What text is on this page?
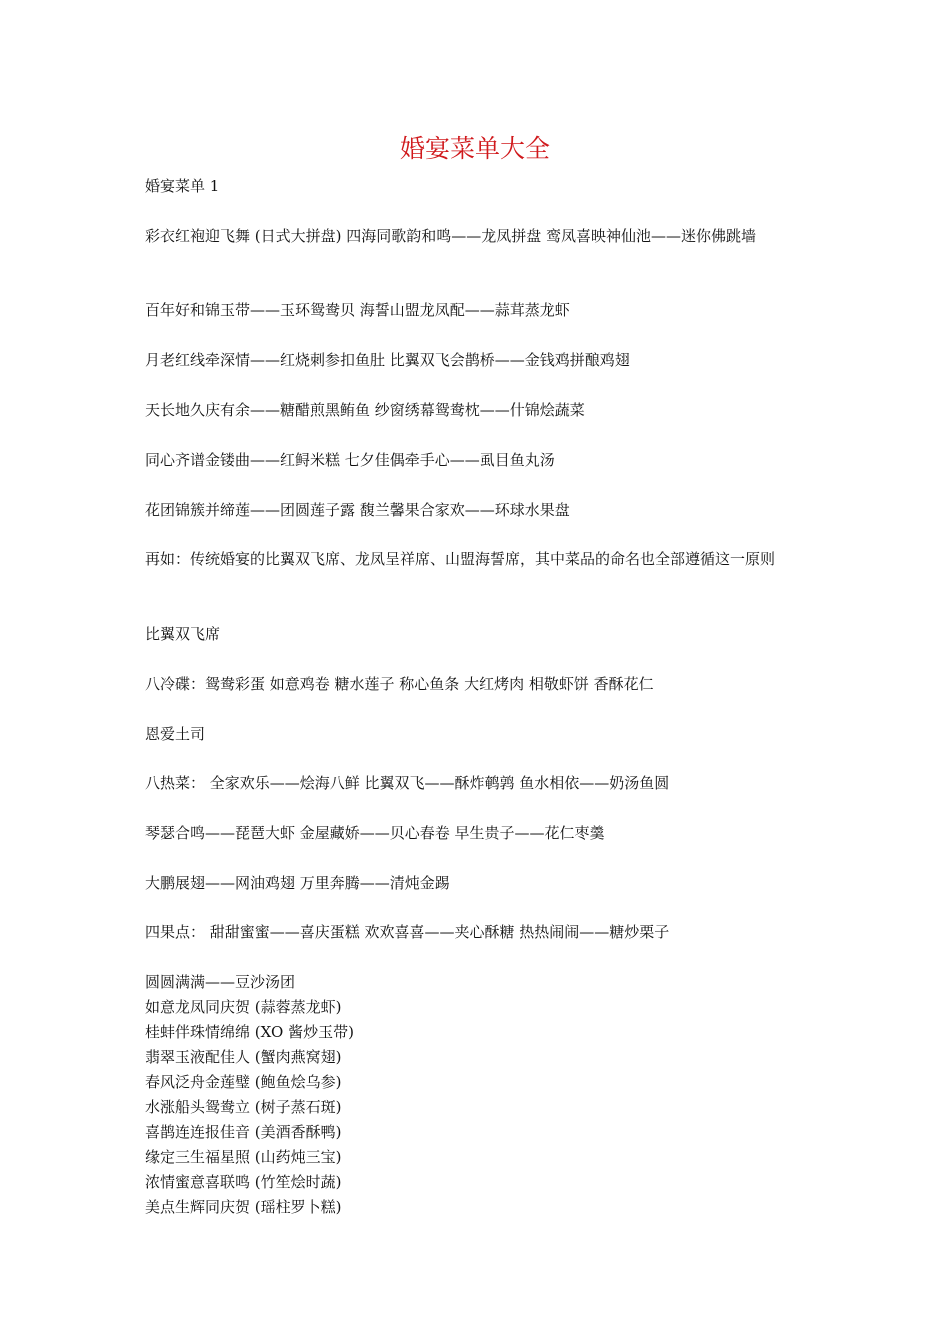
婚宴菜单大全

婚宴菜单 1

彩衣红袍迎飞舞 (日式大拼盘) 四海同歌韵和鸣——龙凤拼盘 鸾凤喜映神仙池——迷你佛跳墙

百年好和锦玉带——玉环鸳鸯贝 海誓山盟龙凤配——蒜茸蒸龙虾

月老红线牵深情——红烧刺参扣鱼肚 比翼双飞会鹊桥——金钱鸡拼酿鸡翅

天长地久庆有余——糖醋煎黑鲔鱼 纱窗绣幕鸳鸯枕——什锦烩蔬菜

同心齐谱金镂曲——红鲟米糕 七夕佳偶牵手心——虱目鱼丸汤

花团锦簇并缔莲——团圆莲子露 馥兰馨果合家欢——环球水果盘

再如：传统婚宴的比翼双飞席、龙凤呈祥席、山盟海誓席，其中菜品的命名也全部遵循这一原则

比翼双飞席

八冷碟：鸳鸯彩蛋 如意鸡卷 糖水莲子 称心鱼条 大红烤肉 相敬虾饼 香酥花仁

恩爱土司

八热菜： 全家欢乐——烩海八鲜 比翼双飞——酥炸鹌鹑 鱼水相依——奶汤鱼圆

琴瑟合鸣——琵琶大虾 金屋藏娇——贝心春卷 早生贵子——花仁枣羹

大鹏展翅——网油鸡翅 万里奔腾——清炖金踢

四果点： 甜甜蜜蜜——喜庆蛋糕 欢欢喜喜——夹心酥糖 热热闹闹——糖炒栗子

圆圆满满——豆沙汤团
如意龙凤同庆贺 (蒜蓉蒸龙虾)
桂蚌伴珠情绵绵 (XO 酱炒玉带)
翡翠玉液配佳人 (蟹肉燕窝翅)
春风泛舟金莲璧 (鲍鱼烩乌参)
水涨船头鸳鸯立 (树子蒸石斑)
喜鹊连连报佳音 (美酒香酥鸭)
缘定三生福星照 (山药炖三宝)
浓情蜜意喜联鸣 (竹笙烩时蔬)
美点生辉同庆贺 (瑶柱罗卜糕)
